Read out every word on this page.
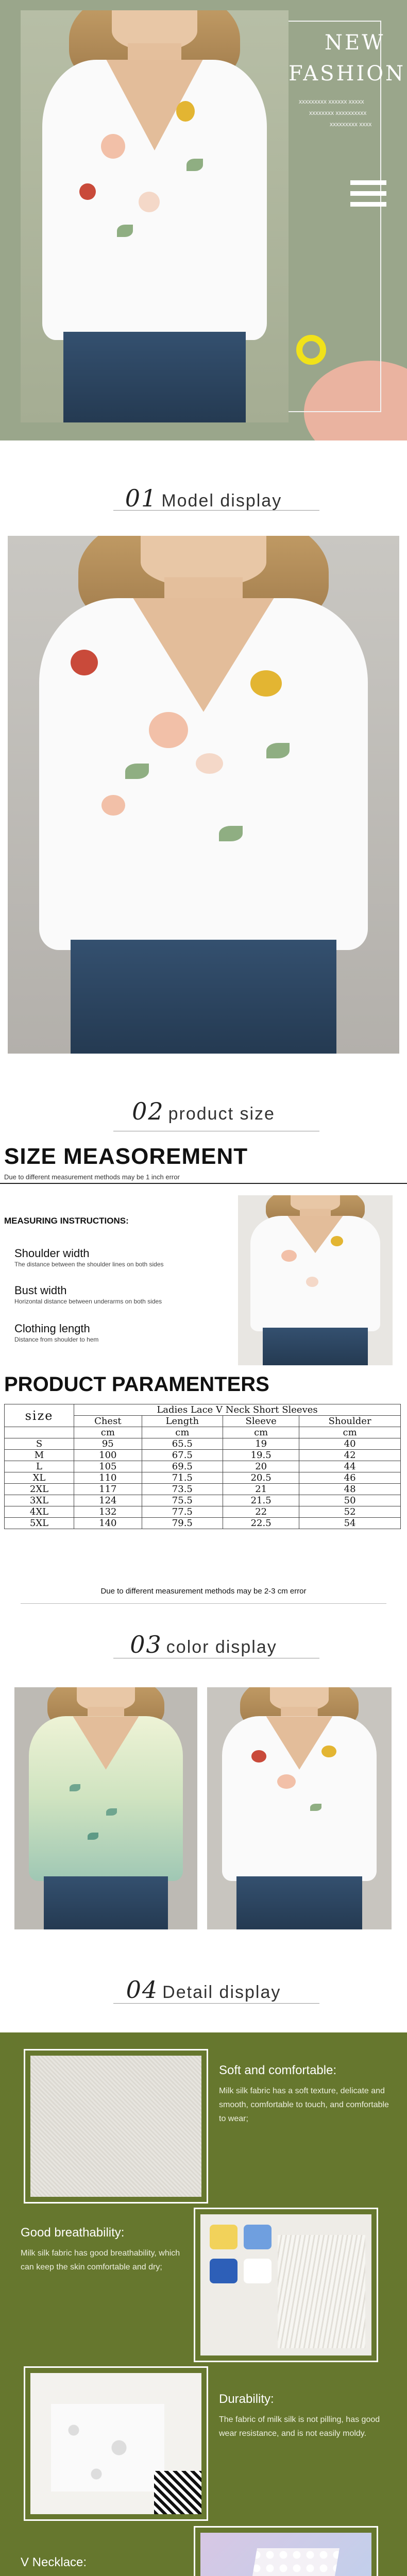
NEW
FASHION
xxxxxxxxx xxxxxx xxxxx
xxxxxxxx xxxxxxxxxx
xxxxxxxxx xxxx
01 Model display
02 product size
SIZE MEASOREMENT
Due to different measurement methods may be 1 inch error
MEASURING INSTRUCTIONS:
Shoulder width
The distance between the shoulder lines on both sides
Bust width
Horizontal distance between underarms on both sides
Clothing length
Distance from shoulder to hem
PRODUCT PARAMENTERS
size	Ladies Lace V Neck Short Sleeves			
	Chest	Length	Sleeve	Shoulder
	cm	cm	cm	cm
S	95	65.5	19	40
M	100	67.5	19.5	42
L	105	69.5	20	44
XL	110	71.5	20.5	46
2XL	117	73.5	21	48
3XL	124	75.5	21.5	50
4XL	132	77.5	22	52
5XL	140	79.5	22.5	54
Due to different measurement methods may be 2-3 cm error
03 color display
04 Detail display
Soft and comfortable:
Milk silk fabric has a soft texture, delicate and smooth, comfortable to touch, and comfortable to wear;
Good breathability:
Milk silk fabric has good breathability, which can keep the skin comfortable and dry;
Durability:
The fabric of milk silk is not pilling, has good wear resistance, and is not easily moldy.
V Necklace:
